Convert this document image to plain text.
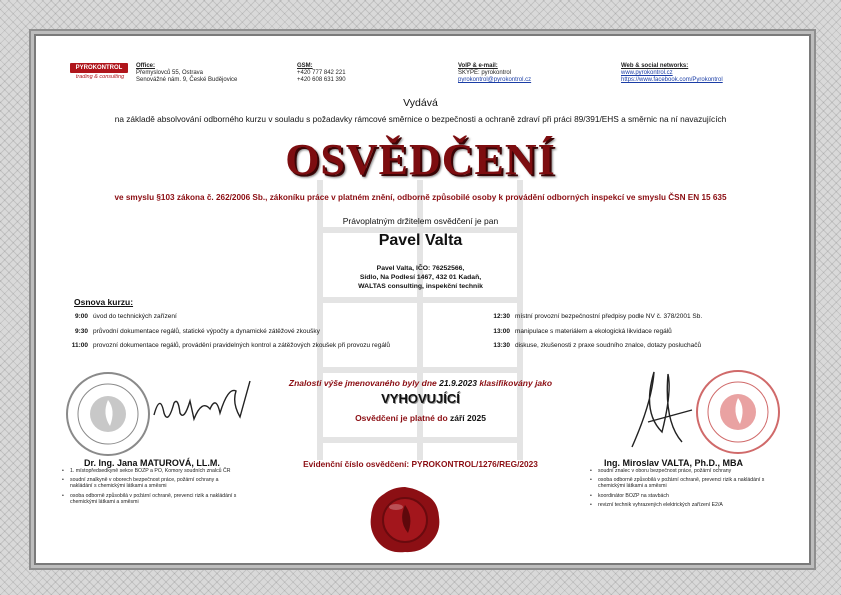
PYROKONTROL
trading & consulting
Office:
Přemyslovců 55, Ostrava
Senovážné nám. 9, České Budějovice
GSM:
+420 777 842 221
+420 608 631 390
VoIP & e-mail:
SKYPE: pyrokontrol
pyrokontrol@pyrokontrol.cz
Web & social networks:
www.pyrokontrol.cz
https://www.facebook.com/Pyrokontrol
Vydává
na základě absolvování odborného kurzu v souladu s požadavky rámcové směrnice o bezpečnosti a ochraně zdraví při práci 89/391/EHS a směrnic na ní navazujících
OSVĚDČENÍ
ve smyslu §103 zákona č. 262/2006 Sb., zákoníku práce v platném znění, odborně způsobilé osoby k provádění odborných inspekcí ve smyslu ČSN EN 15 635
Právoplatným držitelem osvědčení je pan
Pavel Valta
Pavel Valta, IČO: 76252566,
Sídlo, Na Podlesí 1467, 432 01 Kadaň,
WALTAS consulting, inspekční technik
Osnova kurzu:
9:00 úvod do technických zařízení
9:30 průvodní dokumentace regálů, statické výpočty a dynamické zátěžové zkoušky
11:00 provozní dokumentace regálů, provádění pravidelných kontrol a zátěžových zkoušek při provozu regálů
12:30 místní provozní bezpečnostní předpisy podle NV č. 378/2001 Sb.
13:00 manipulace s materiálem a ekologická likvidace regálů
13:30 diskuse, zkušenosti z praxe soudního znalce, dotazy posluchačů
Znalosti výše jmenovaného byly dne 21.9.2023 klasifikovány jako
VYHOVUJÍCÍ
Osvědčení je platné do září 2025
Evidenční číslo osvědčení: PYROKONTROL/1276/REG/2023
Dr. Ing. Jana MATUROVÁ, LL.M.
• 1. místopředsedkyně sekce BOZP a PO, Komory soudních znalců ČR
• soudní znalkyně v oborech bezpečnost práce, požární ochrany a nakládání s chemickými látkami a směsmi
• osoba odborně způsobilá v požární ochraně, prevenci rizik a nakládání s chemickými látkami a směsmi
Ing. Miroslav VALTA, Ph.D., MBA
• soudní znalec v oboru bezpečnost práce, požární ochrany
• osoba odborně způsobilá v požární ochraně, prevenci rizik a nakládání s chemickými látkami a směsmi
• koordinátor BOZP na stavbách
• revizní technik vyhrazených elektrických zařízení E2/A
